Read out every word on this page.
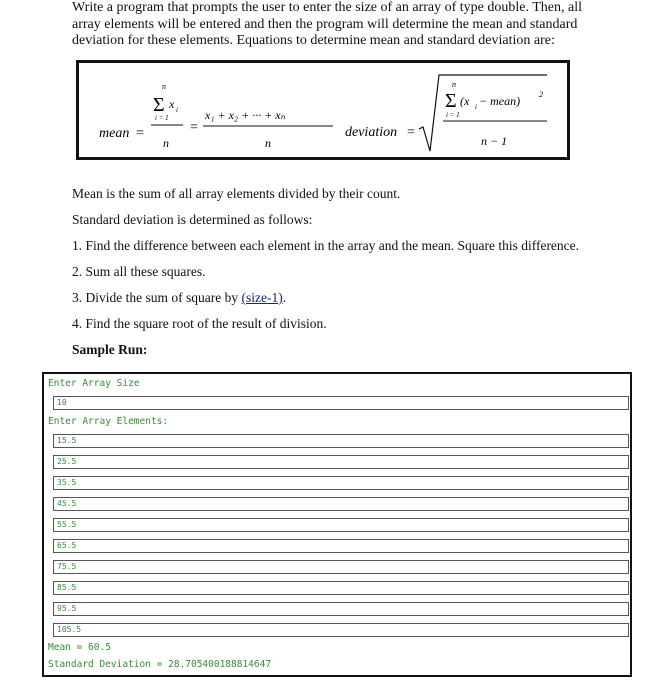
Write a program that prompts the user to enter the size of an array of type double. Then, all
array elements will be entered and then the program will determine the mean and standard
deviation for these elements. Equations to determine mean and standard deviation are:
mean =
n
Σ x i
i = 1
n
=
x₁ + x₂ + ··· + xₙ
n
deviation =
n
Σ
i = 1
(x i − mean) 2
n − 1
Mean is the sum of all array elements divided by their count.
Standard deviation is determined as follows:
1. Find the difference between each element in the array and the mean. Square this difference.
2. Sum all these squares.
3. Divide the sum of square by (size-1).
4. Find the square root of the result of division.
Sample Run:
Enter Array Size
10
Enter Array Elements:
15.5
25.5
35.5
45.5
55.5
65.5
75.5
85.5
95.5
105.5
Mean = 60.5
Standard Deviation = 28.7054001888146​47
